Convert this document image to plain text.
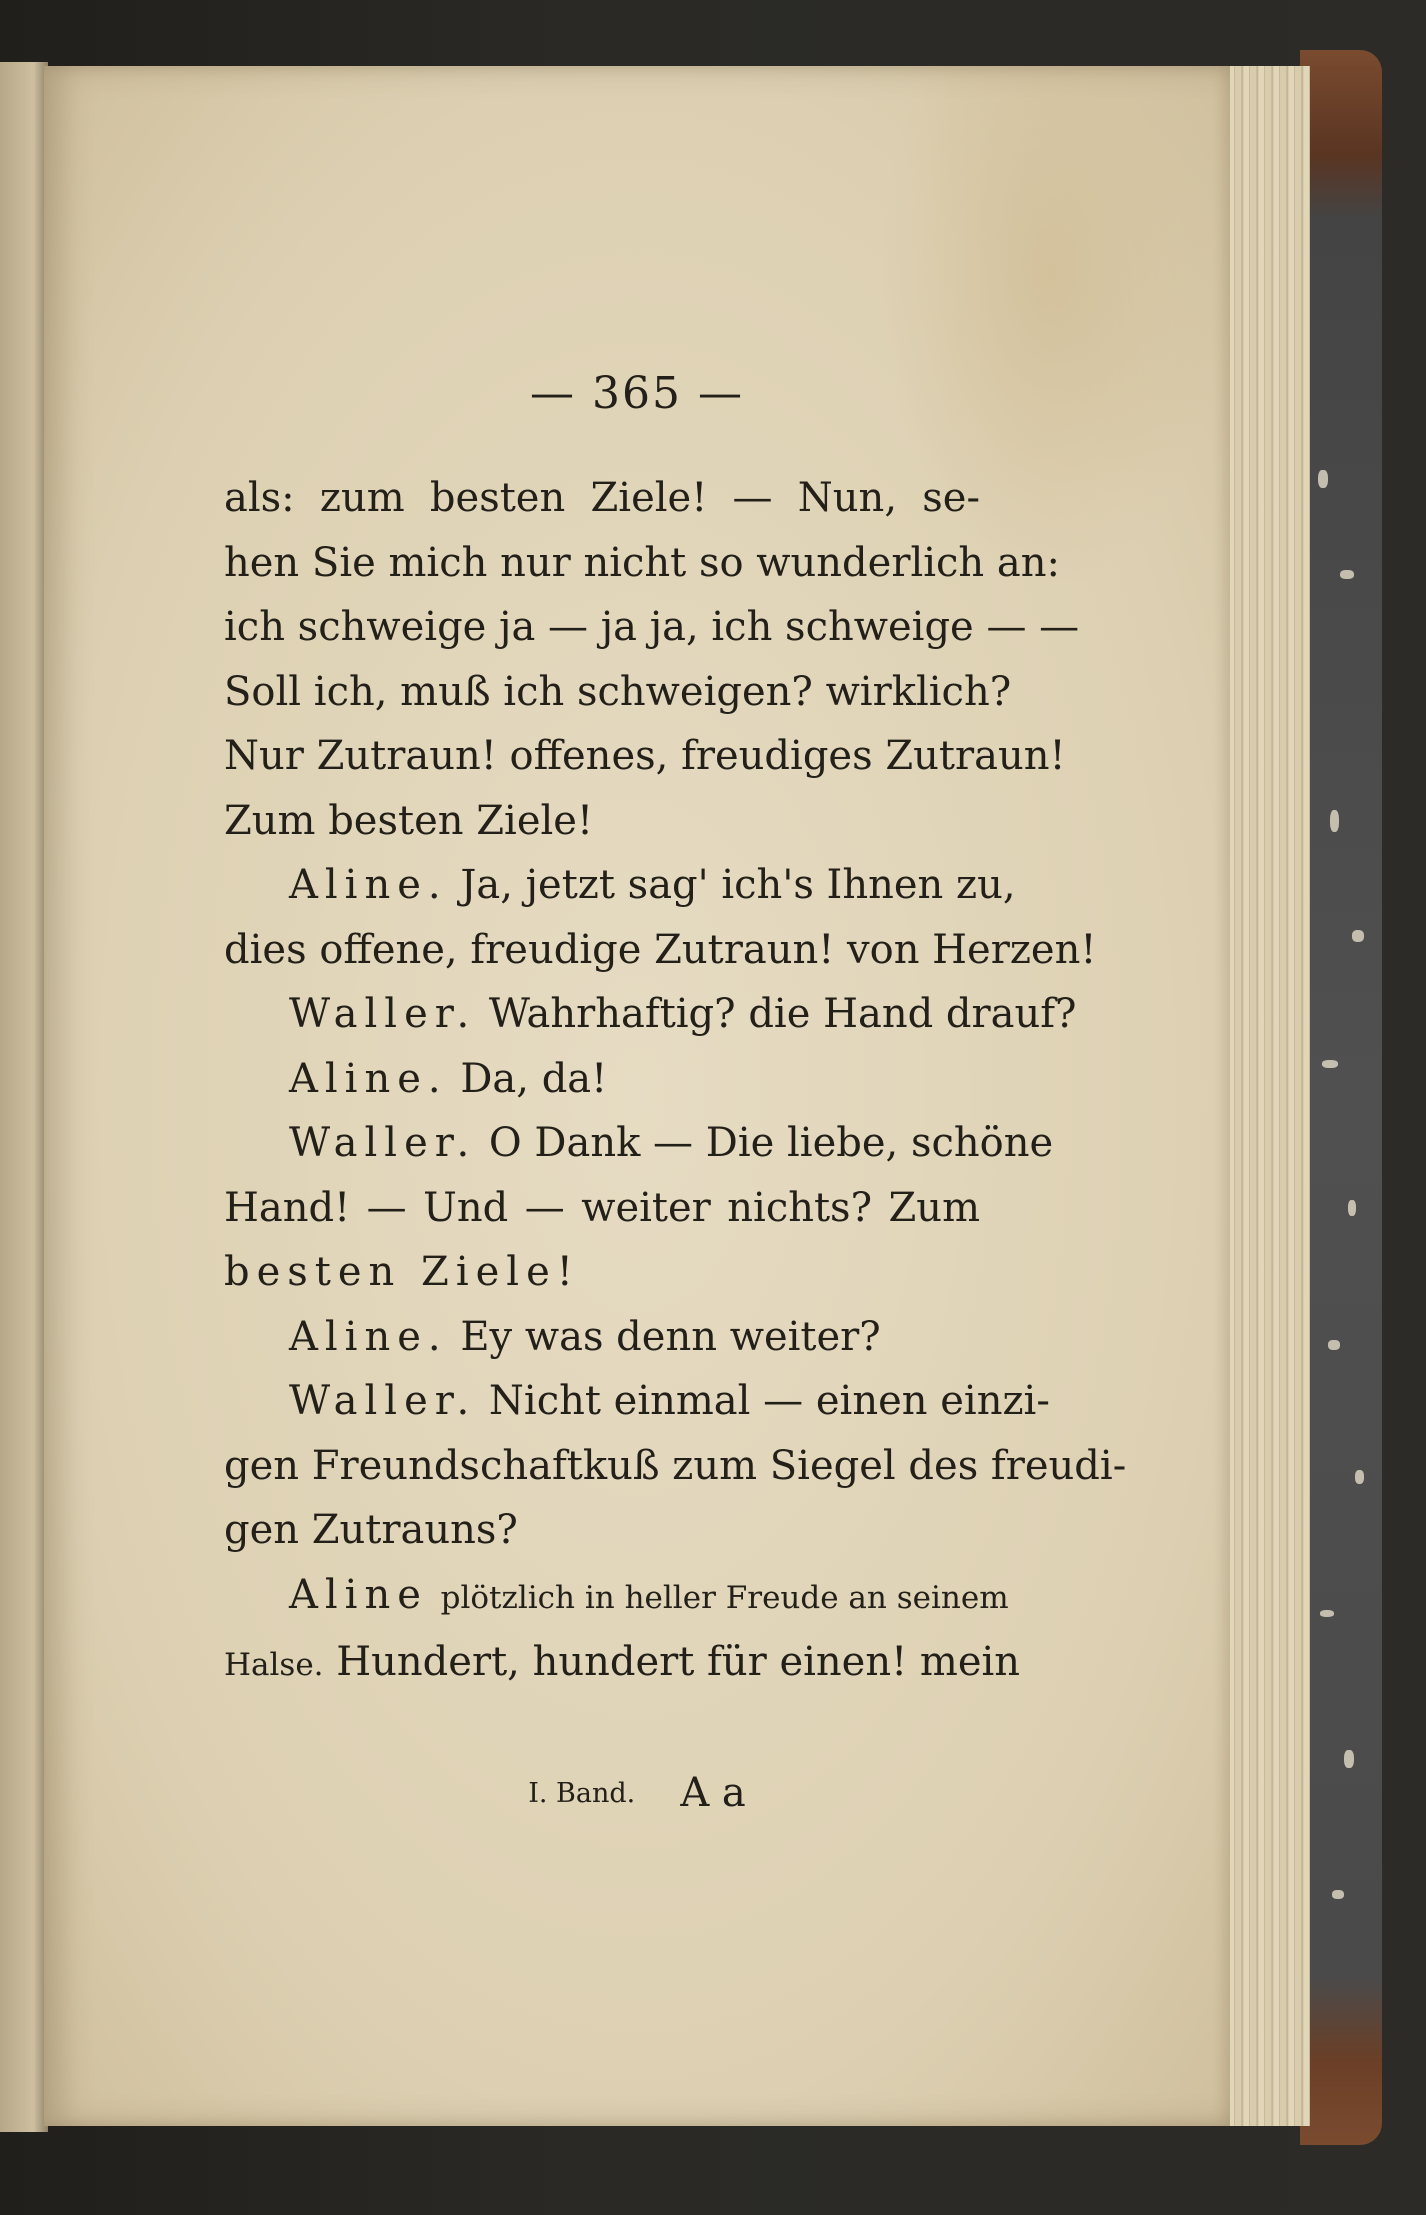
— 365 —
als: zum besten Ziele! — Nun, se-
hen Sie mich nur nicht so wunderlich an:
ich schweige ja — ja ja, ich schweige — —
Soll ich, muß ich schweigen? wirklich?
Nur Zutraun! offenes, freudiges Zutraun!
Zum besten Ziele!
Aline. Ja, jetzt sag' ich's Ihnen zu,
dies offene, freudige Zutraun! von Herzen!
Waller. Wahrhaftig? die Hand drauf?
Aline. Da, da!
Waller. O Dank — Die liebe, schöne
Hand! — Und — weiter nichts? Zum
besten Ziele!
Aline. Ey was denn weiter?
Waller. Nicht einmal — einen einzi-
gen Freundschaftkuß zum Siegel des freudi-
gen Zutrauns?
Aline plötzlich in heller Freude an seinem
Halse. Hundert, hundert für einen! mein
I. Band. A a
